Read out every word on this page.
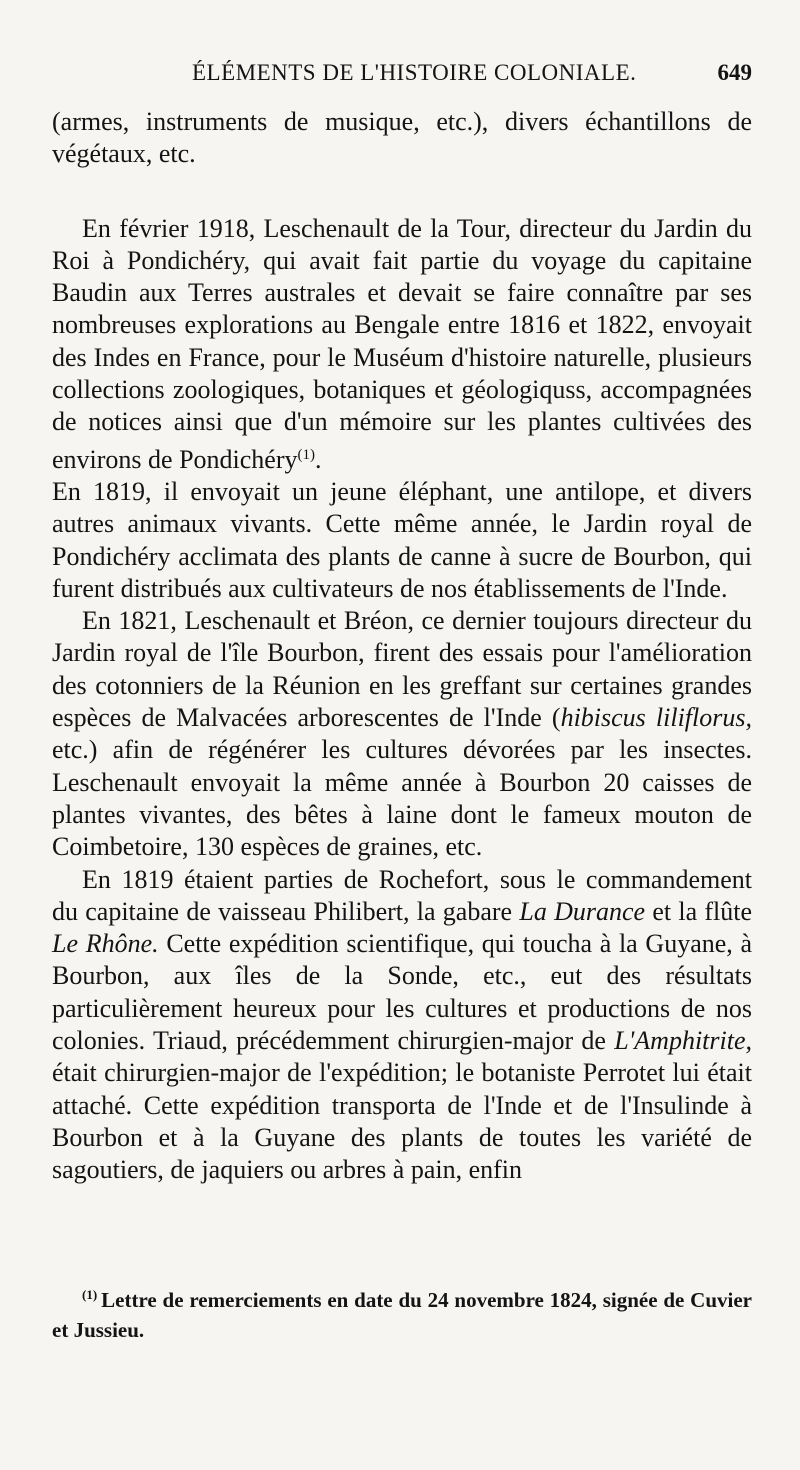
ÉLÉMENTS DE L'HISTOIRE COLONIALE.	649

(armes, instruments de musique, etc.), divers échantillons de végétaux, etc.

En février 1918, Leschenault de la Tour, directeur du Jardin du Roi à Pondichéry, qui avait fait partie du voyage du capitaine Baudin aux Terres australes et devait se faire connaître par ses nombreuses explorations au Bengale entre 1816 et 1822, envoyait des Indes en France, pour le Muséum d'histoire naturelle, plusieurs collections zoologiques, botaniques et géologiquss, accompagnées de notices ainsi que d'un mémoire sur les plantes cultivées des environs de Pondichéry$^{(1)}$.

En 1819, il envoyait un jeune éléphant, une antilope, et divers autres animaux vivants. Cette même année, le Jardin royal de Pondichéry acclimata des plants de canne à sucre de Bourbon, qui furent distribués aux cultivateurs de nos établissements de l'Inde.

En 1821, Leschenault et Bréon, ce dernier toujours directeur du Jardin royal de l'île Bourbon, firent des essais pour l'amélioration des cotonniers de la Réunion en les greffant sur certaines grandes espèces de Malvacées arborescentes de l'Inde (hibiscus liliflorus, etc.) afin de régénérer les cultures dévorées par les insectes. Leschenault envoyait la même année à Bourbon 20 caisses de plantes vivantes, des bêtes à laine dont le fameux mouton de Coimbetoire, 130 espèces de graines, etc.

En 1819 étaient parties de Rochefort, sous le commandement du capitaine de vaisseau Philibert, la gabare La Durance et la flûte Le Rhône. Cette expédition scientifique, qui toucha à la Guyane, à Bourbon, aux îles de la Sonde, etc., eut des résultats particulièrement heureux pour les cultures et productions de nos colonies. Triaud, précédemment chirurgien-major de L'Amphitrite, était chirurgien-major de l'expédition; le botaniste Perrotet lui était attaché. Cette expédition transporta de l'Inde et de l'Insulinde à Bourbon et à la Guyane des plants de toutes les variété de sagoutiers, de jaquiers ou arbres à pain, enfin

$^{(1)}$ Lettre de remerciements en date du 24 novembre 1824, signée de Cuvier et Jussieu.
